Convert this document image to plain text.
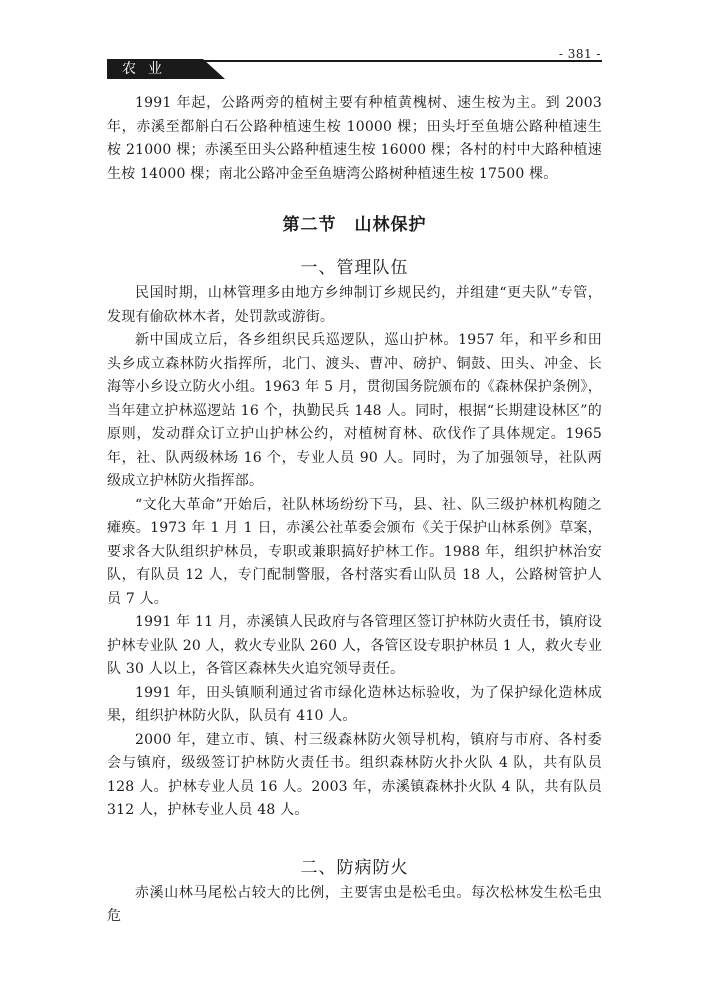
农业
- 381 -

1991 年起，公路两旁的植树主要有种植黄槐树、速生桉为主。到 2003 年，赤溪至都斛白石公路种植速生桉 10000 棵；田头圩至鱼塘公路种植速生桉 21000 棵；赤溪至田头公路种植速生桉 16000 棵；各村的村中大路种植速生桉 14000 棵；南北公路冲金至鱼塘湾公路树种植速生桉 17500 棵。

第二节　山林保护
一、管理队伍

民国时期，山林管理多由地方乡绅制订乡规民约，并组建“更夫队”专管，发现有偷砍林木者，处罚款或游街。

新中国成立后，各乡组织民兵巡逻队，巡山护林。1957 年，和平乡和田头乡成立森林防火指挥所，北门、渡头、曹冲、磅护、铜鼓、田头、冲金、长海等小乡设立防火小组。1963 年 5 月，贯彻国务院颁布的《森林保护条例》，当年建立护林巡逻站 16 个，执勤民兵 148 人。同时，根据“长期建设林区”的原则，发动群众订立护山护林公约，对植树育林、砍伐作了具体规定。1965 年，社、队两级林场 16 个，专业人员 90 人。同时，为了加强领导，社队两级成立护林防火指挥部。

“文化大革命”开始后，社队林场纷纷下马，县、社、队三级护林机构随之瘫痪。1973 年 1 月 1 日，赤溪公社革委会颁布《关于保护山林系例》草案，要求各大队组织护林员，专职或兼职搞好护林工作。1988 年，组织护林治安队，有队员 12 人，专门配制警服，各村落实看山队员 18 人，公路树管护人员 7 人。

1991 年 11 月，赤溪镇人民政府与各管理区签订护林防火责任书，镇府设护林专业队 20 人，救火专业队 260 人，各管区设专职护林员 1 人，救火专业队 30 人以上，各管区森林失火追究领导责任。

1991 年，田头镇顺利通过省市绿化造林达标验收，为了保护绿化造林成果，组织护林防火队，队员有 410 人。

2000 年，建立市、镇、村三级森林防火领导机构，镇府与市府、各村委会与镇府，级级签订护林防火责任书。组织森林防火扑火队 4 队，共有队员 128 人。护林专业人员 16 人。2003 年，赤溪镇森林扑火队 4 队，共有队员 312 人，护林专业人员 48 人。

二、防病防火

赤溪山林马尾松占较大的比例，主要害虫是松毛虫。每次松林发生松毛虫危
